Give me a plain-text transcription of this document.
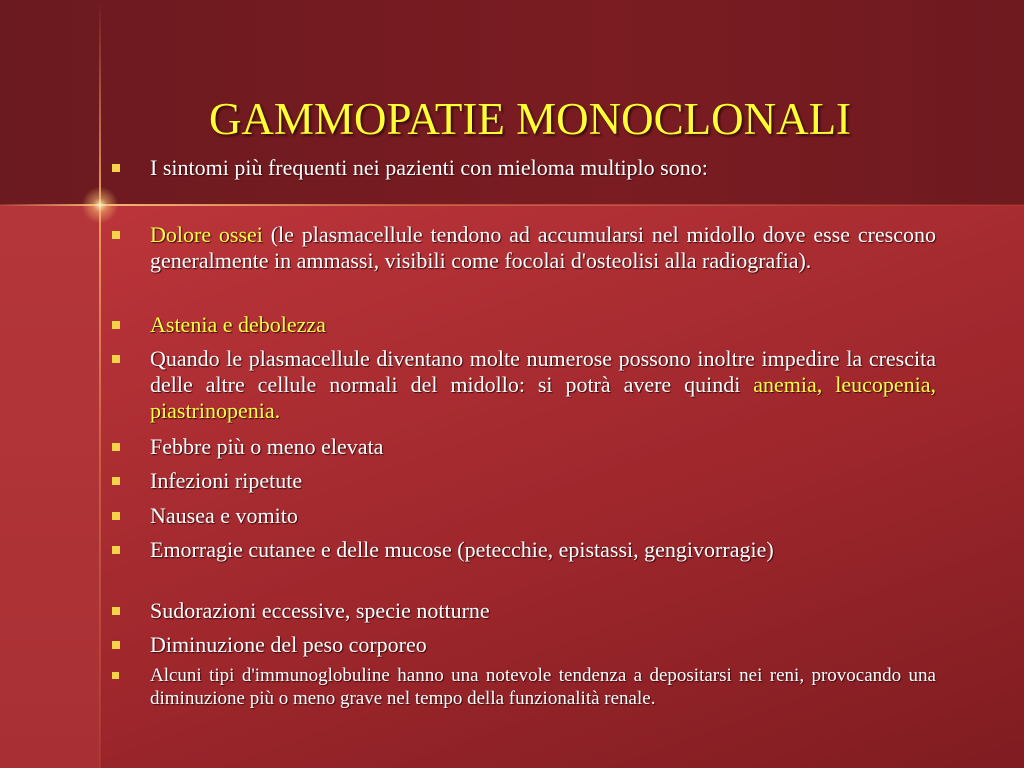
GAMMOPATIE MONOCLONALI
I sintomi più frequenti nei pazienti con mieloma multiplo sono:
Dolore ossei (le plasmacellule tendono ad accumularsi nel midollo dove esse crescono generalmente in ammassi, visibili come focolai d'osteolisi alla radiografia).
Astenia e debolezza
Quando le plasmacellule diventano molte numerose possono inoltre impedire la crescita delle altre cellule normali del midollo: si potrà avere quindi anemia, leucopenia, piastrinopenia.
Febbre più o meno elevata
Infezioni ripetute
Nausea e vomito
Emorragie cutanee e delle mucose (petecchie, epistassi, gengivorragie)
Sudorazioni eccessive, specie notturne
Diminuzione del peso corporeo
Alcuni tipi d'immunoglobuline hanno una notevole tendenza a depositarsi nei reni, provocando una diminuzione più o meno grave nel tempo della funzionalità renale.
